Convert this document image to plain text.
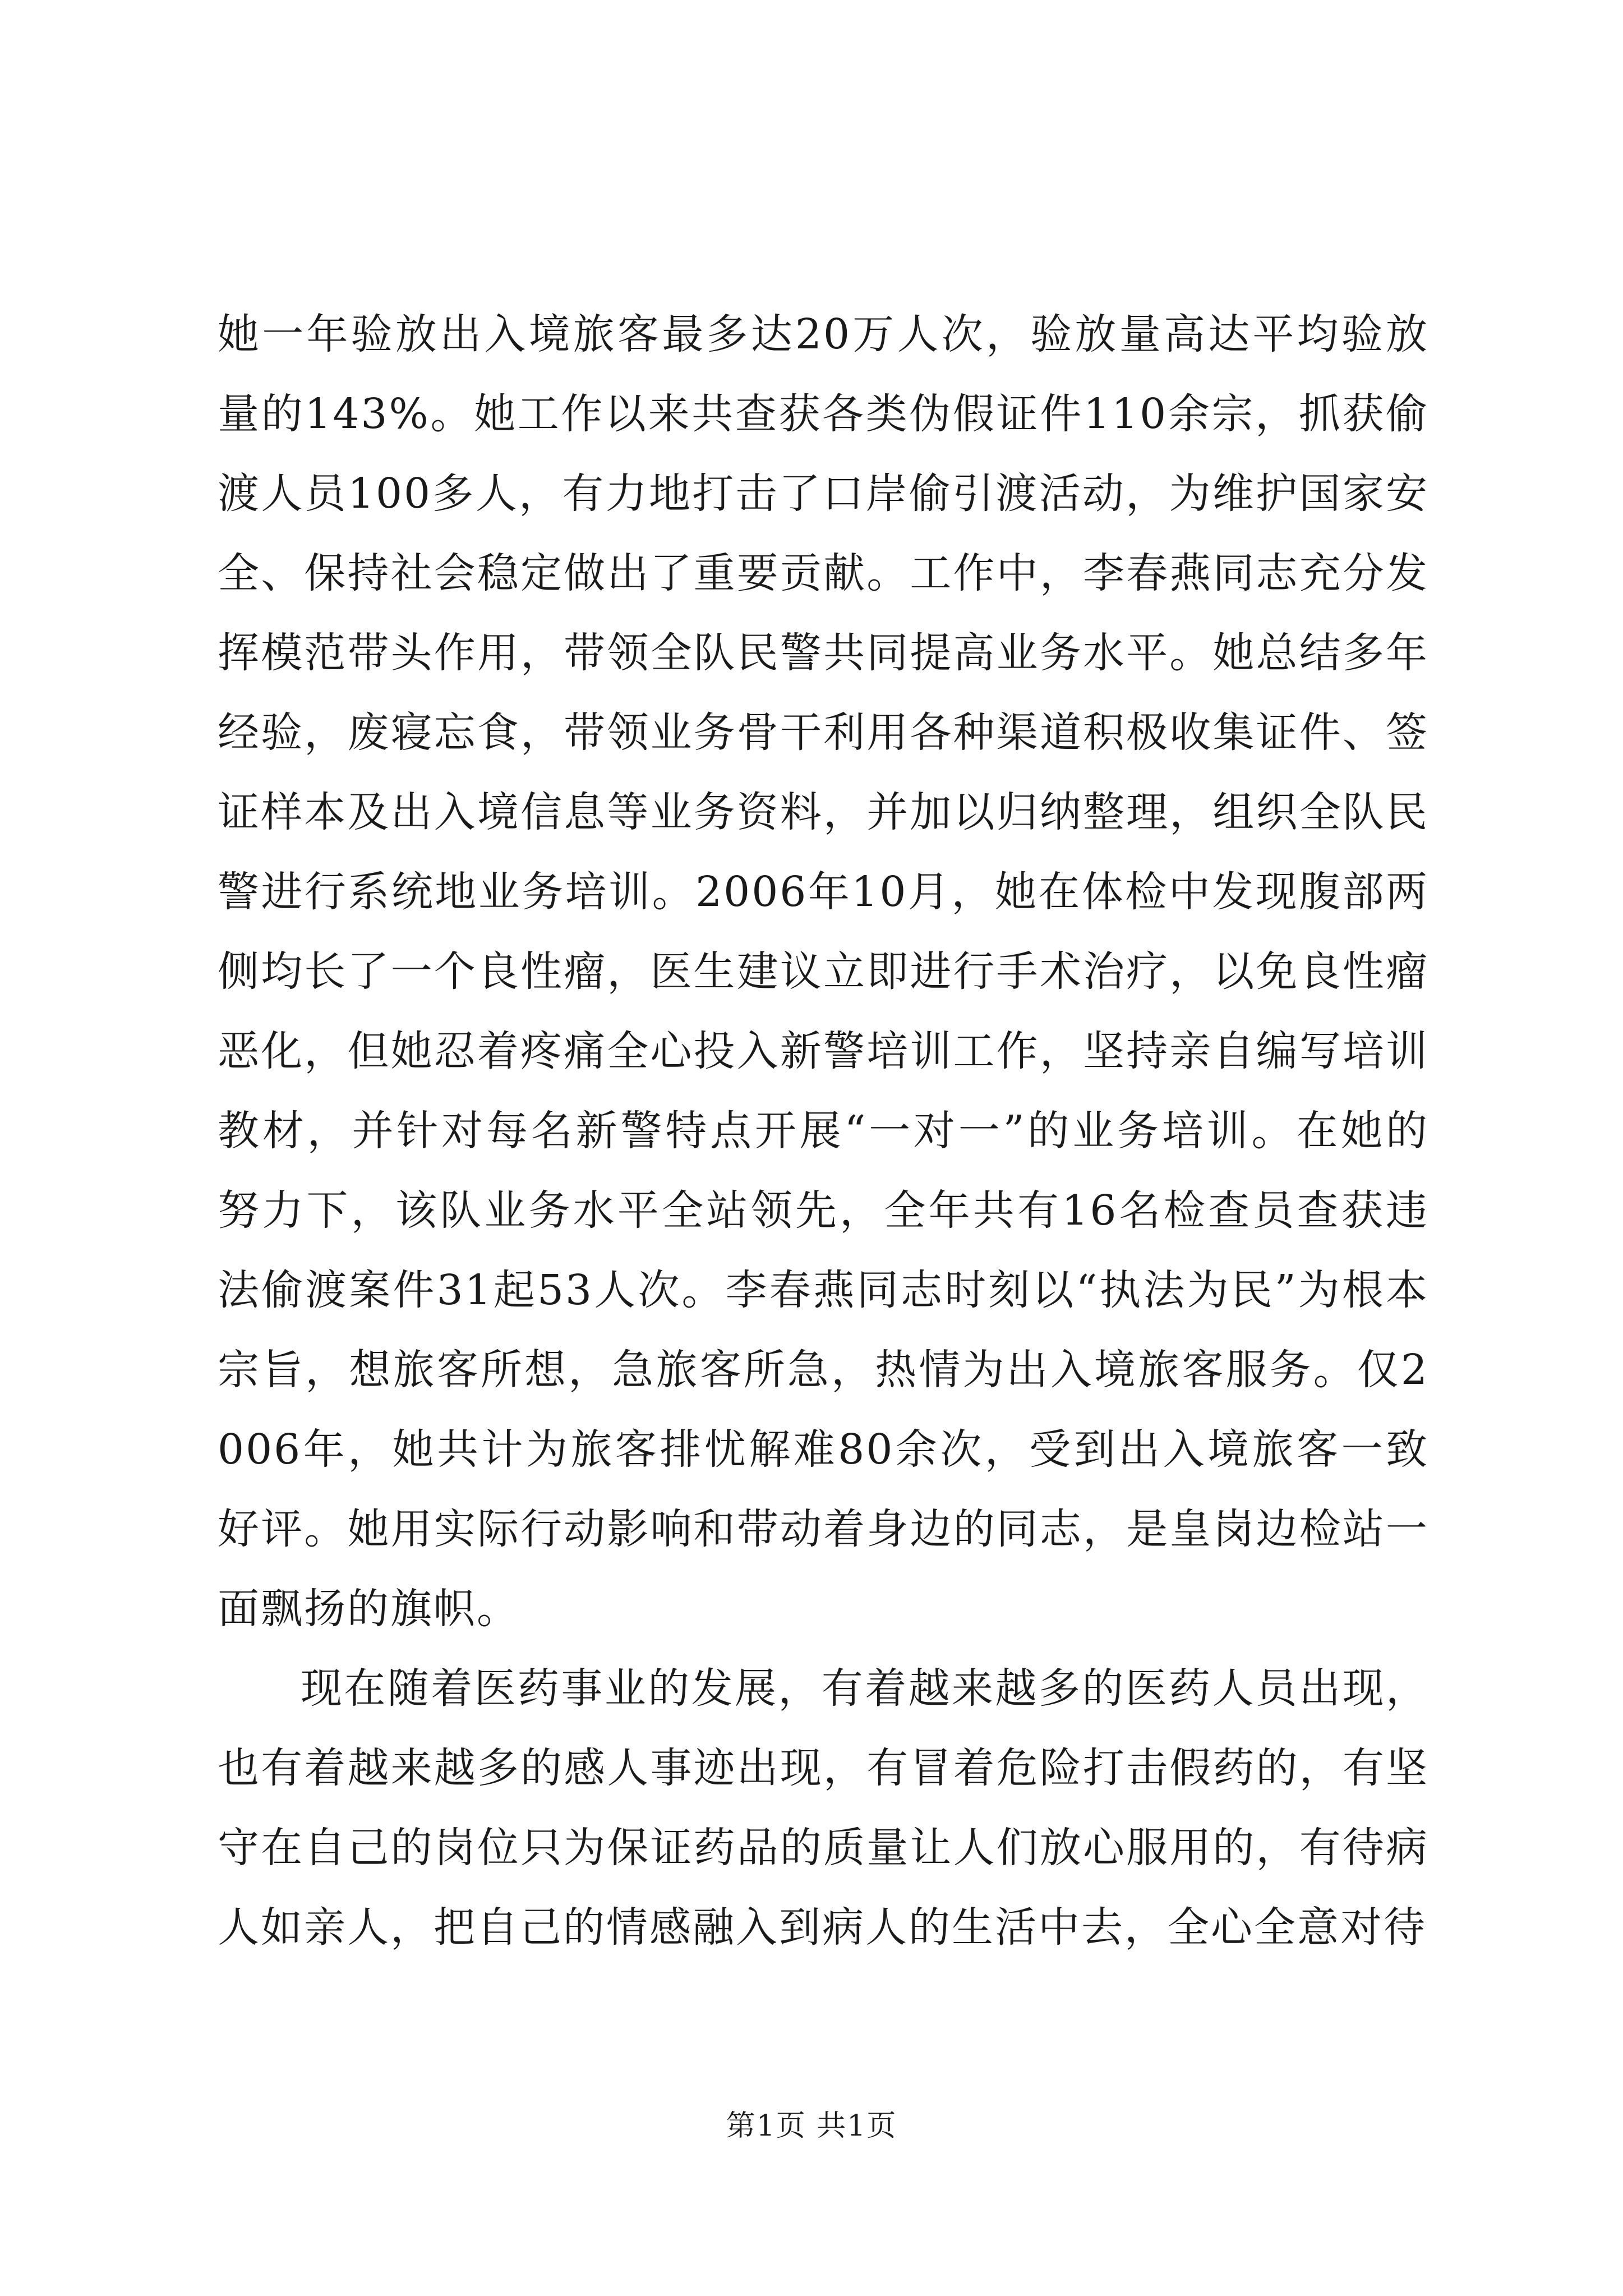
她一年验放出入境旅客最多达20万人次，验放量高达平均验放量的143%。她工作以来共查获各类伪假证件110余宗，抓获偷渡人员100多人，有力地打击了口岸偷引渡活动，为维护国家安全、保持社会稳定做出了重要贡献。工作中，李春燕同志充分发挥模范带头作用，带领全队民警共同提高业务水平。她总结多年经验，废寝忘食，带领业务骨干利用各种渠道积极收集证件、签证样本及出入境信息等业务资料，并加以归纳整理，组织全队民警进行系统地业务培训。2006年10月，她在体检中发现腹部两侧均长了一个良性瘤，医生建议立即进行手术治疗，以免良性瘤恶化，但她忍着疼痛全心投入新警培训工作，坚持亲自编写培训教材，并针对每名新警特点开展“一对一”的业务培训。在她的努力下，该队业务水平全站领先，全年共有16名检查员查获违法偷渡案件31起53人次。李春燕同志时刻以“执法为民”为根本宗旨，想旅客所想，急旅客所急，热情为出入境旅客服务。仅2006年，她共计为旅客排忧解难80余次，受到出入境旅客一致好评。她用实际行动影响和带动着身边的同志，是皇岗边检站一面飘扬的旗帜。

现在随着医药事业的发展，有着越来越多的医药人员出现，也有着越来越多的感人事迹出现，有冒着危险打击假药的，有坚守在自己的岗位只为保证药品的质量让人们放心服用的，有待病人如亲人，把自己的情感融入到病人的生活中去，全心全意对待

第1页 共1页
